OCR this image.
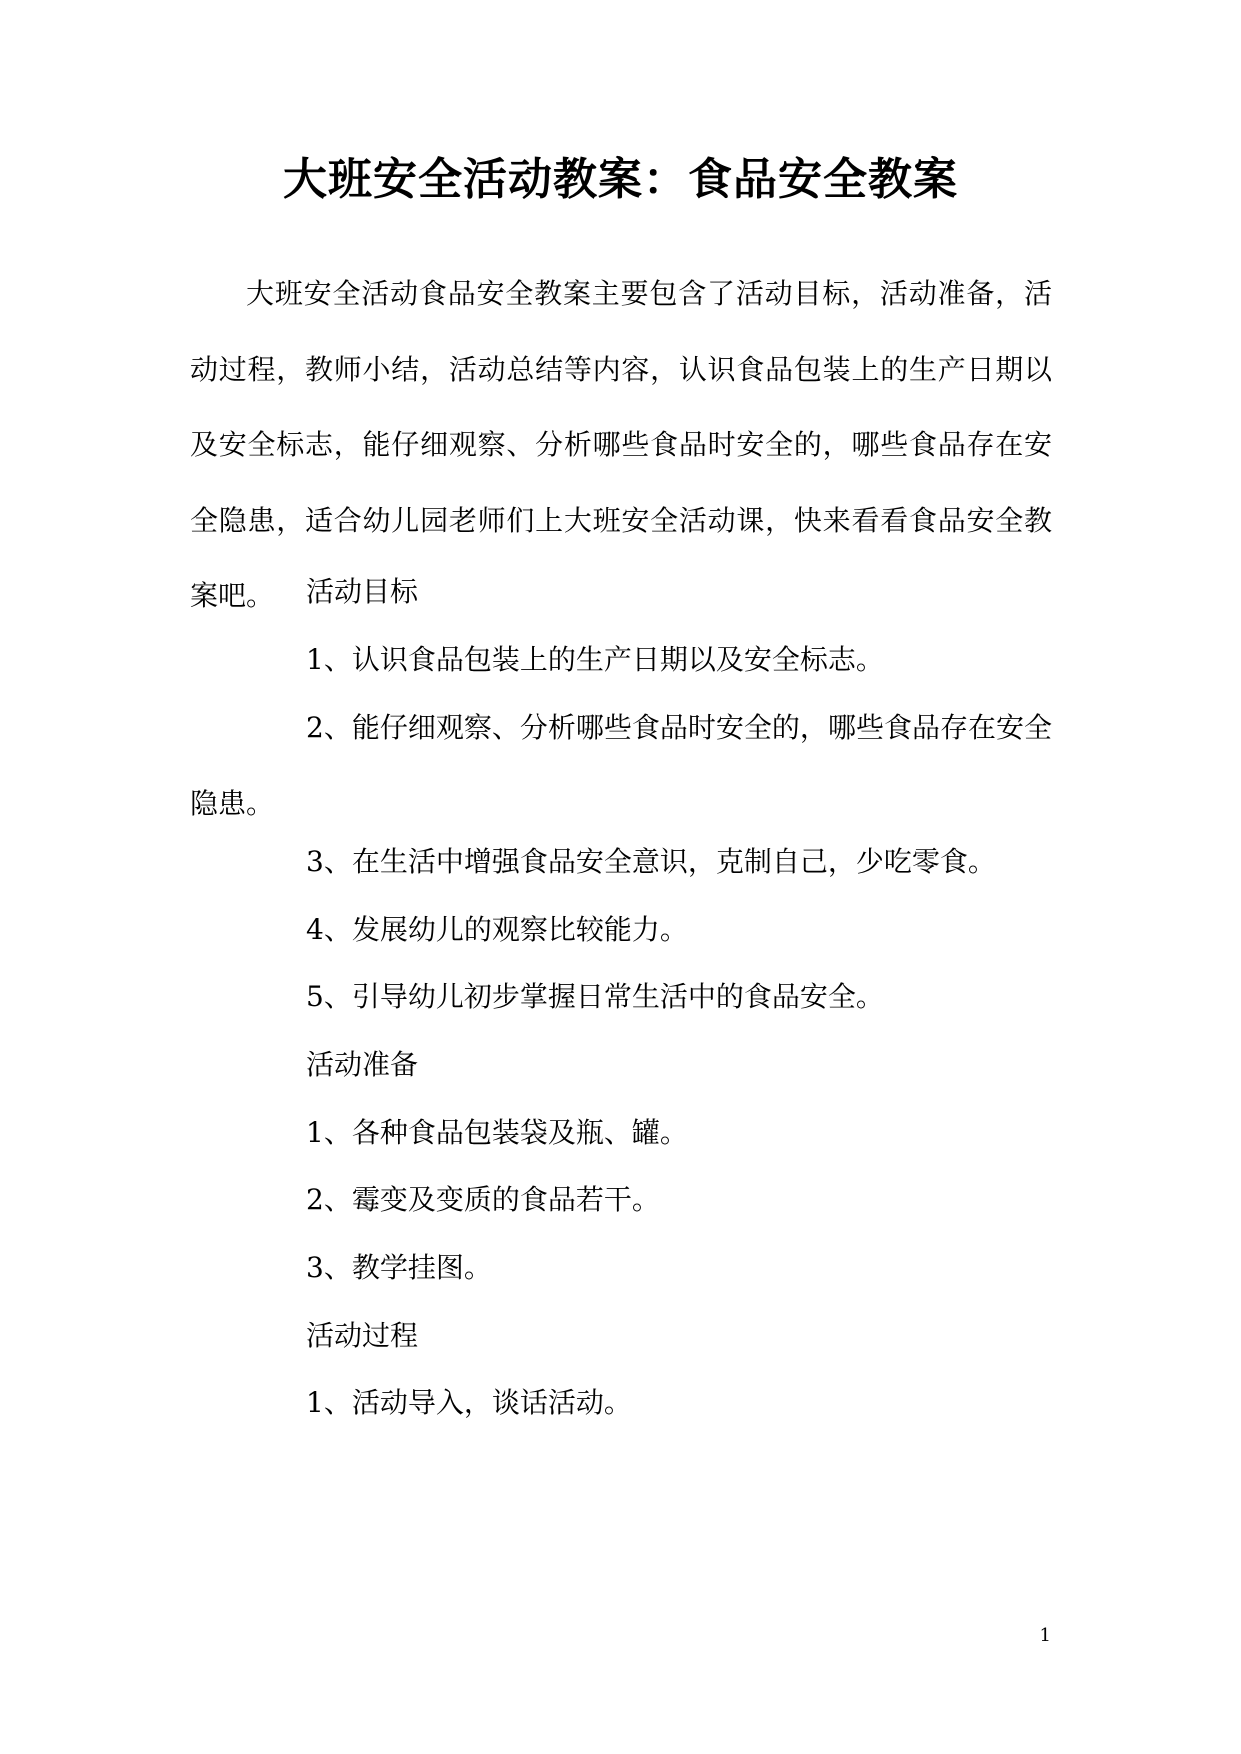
大班安全活动教案：食品安全教案

大班安全活动食品安全教案主要包含了活动目标，活动准备，活动过程，教师小结，活动总结等内容，认识食品包装上的生产日期以及安全标志，能仔细观察、分析哪些食品时安全的，哪些食品存在安全隐患，适合幼儿园老师们上大班安全活动课，快来看看食品安全教案吧。	活动目标

1、认识食品包装上的生产日期以及安全标志。

2、能仔细观察、分析哪些食品时安全的，哪些食品存在安全隐患。

3、在生活中增强食品安全意识，克制自己，少吃零食。

4、发展幼儿的观察比较能力。

5、引导幼儿初步掌握日常生活中的食品安全。

活动准备

1、各种食品包装袋及瓶、罐。

2、霉变及变质的食品若干。

3、教学挂图。

活动过程

1、活动导入，谈话活动。

1
